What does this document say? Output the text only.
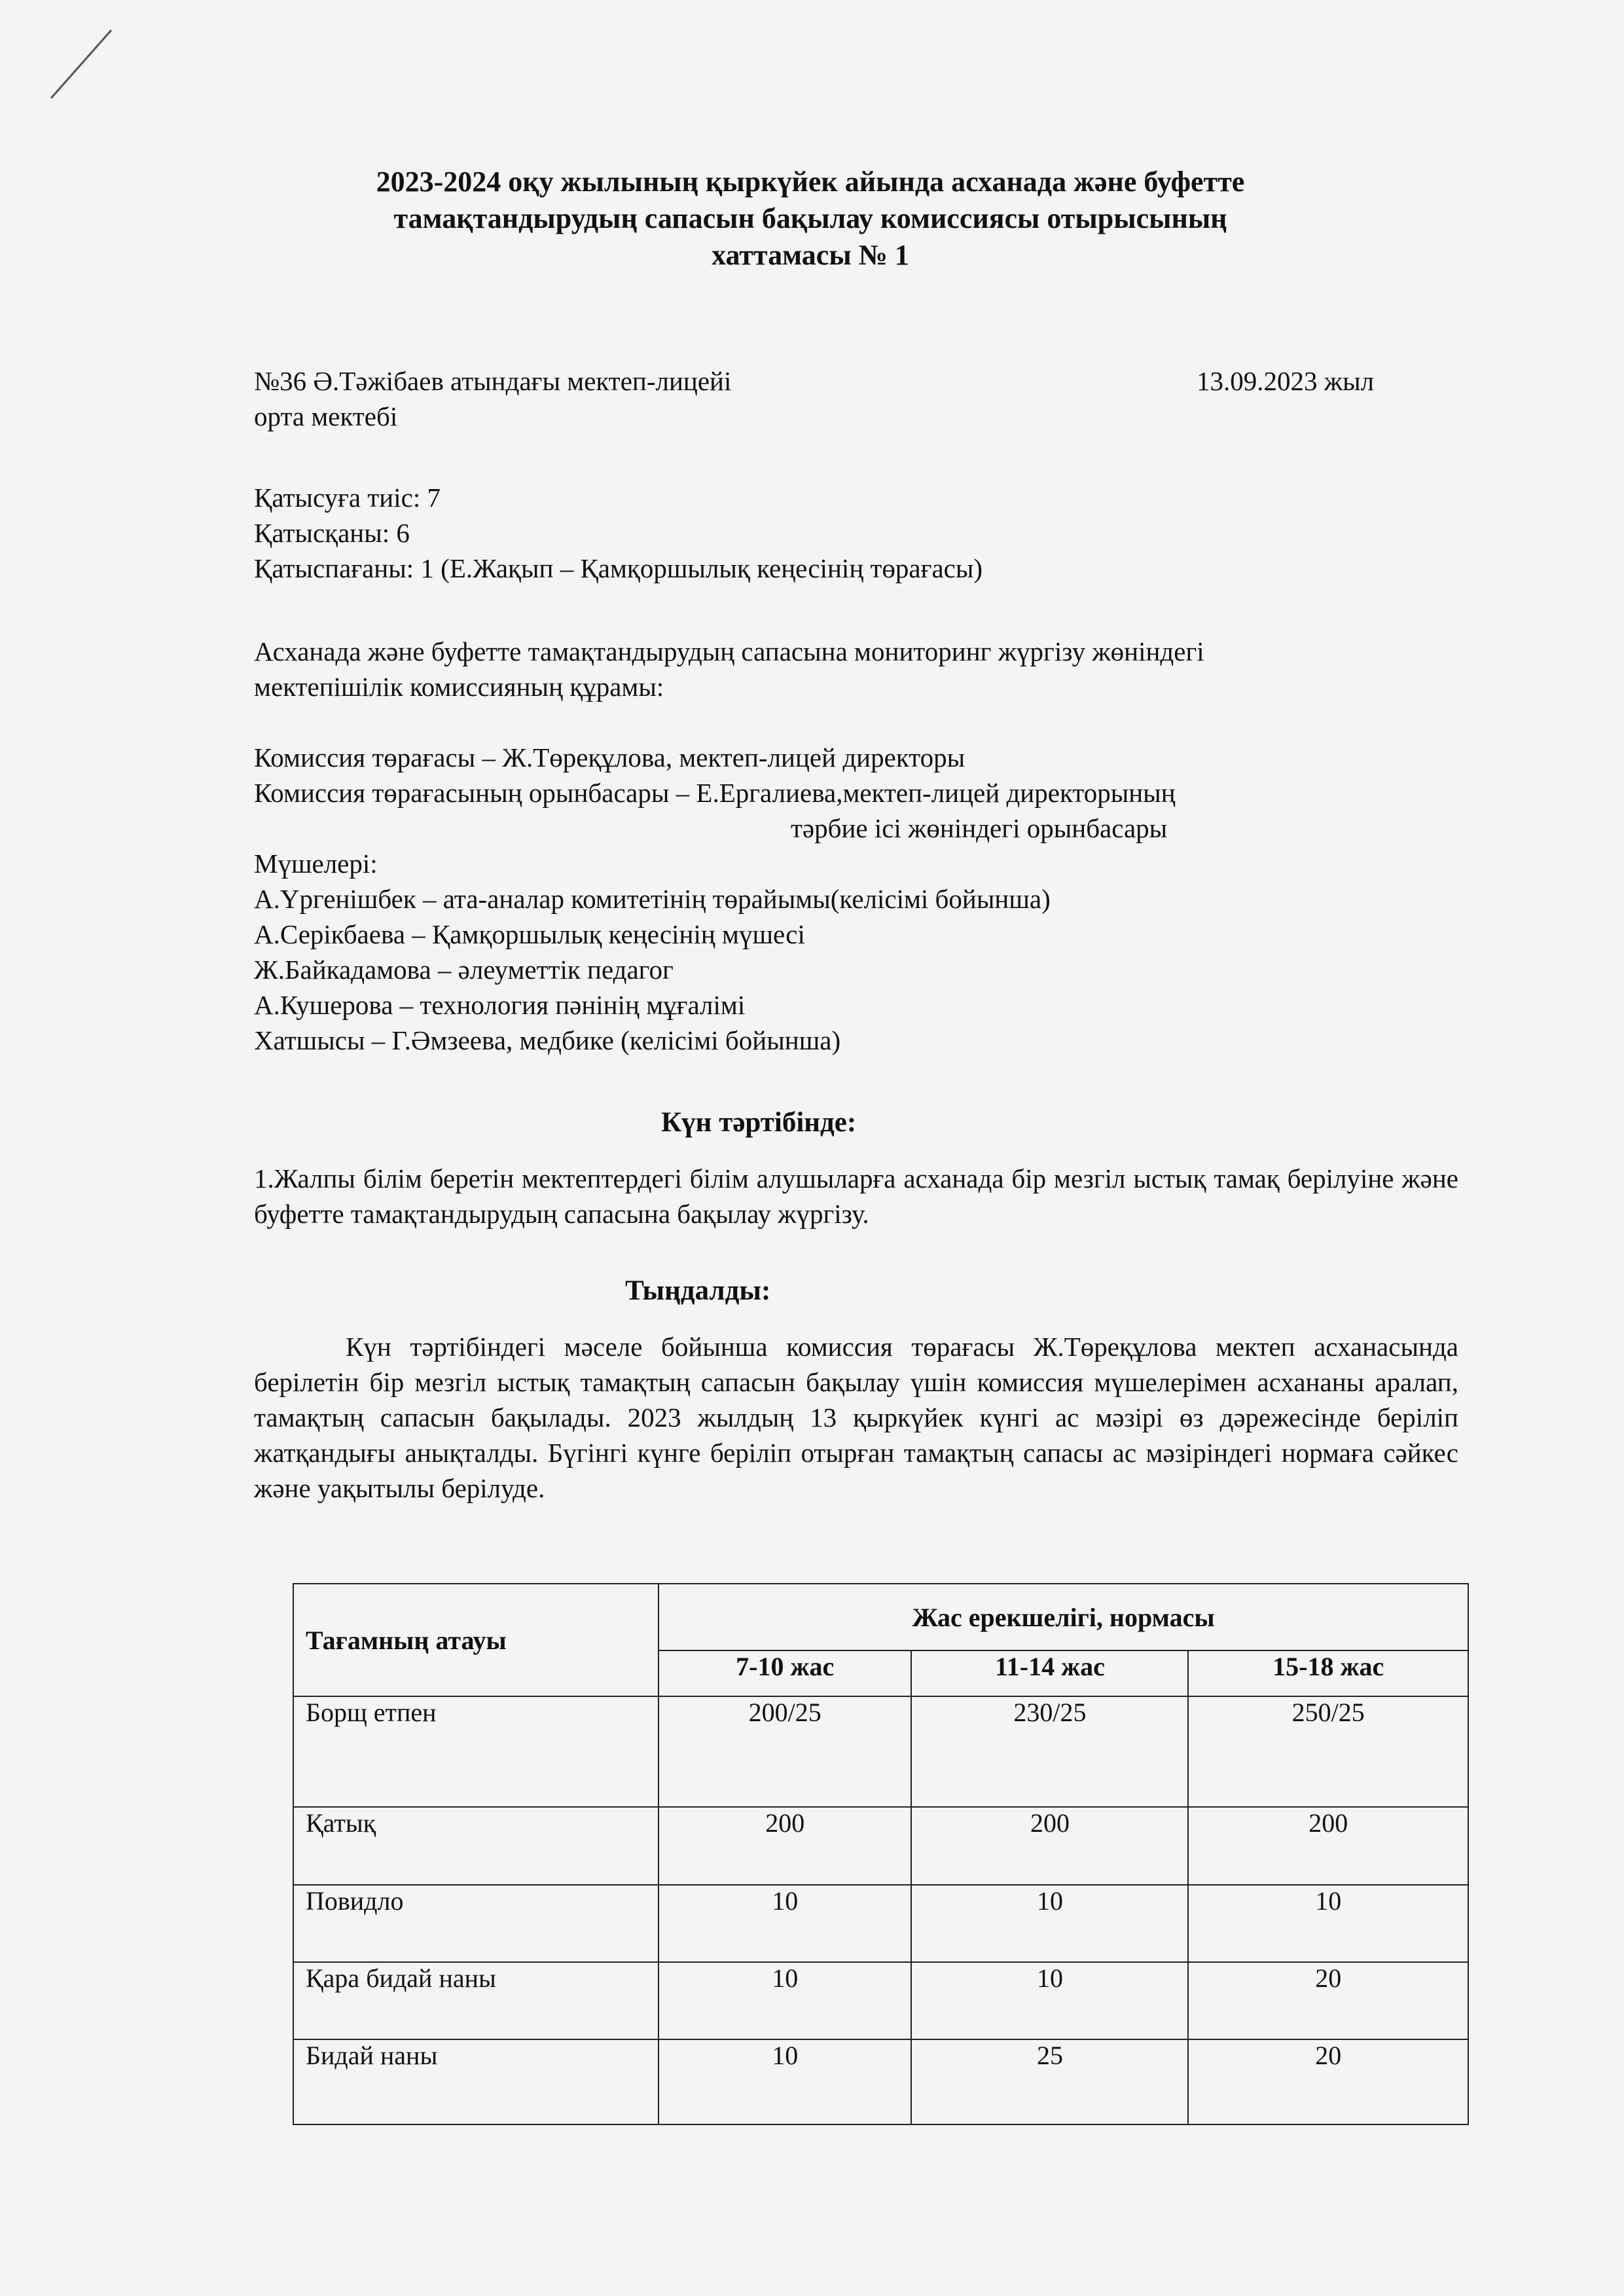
2023-2024 оқу жылының қыркүйек айында асханада және буфетте
тамақтандырудың сапасын бақылау комиссиясы отырысының
хаттамасы № 1
№36 Ә.Тәжібаев атындағы мектеп-лицейі
орта мектебі
13.09.2023 жыл
Қатысуға тиіс: 7
Қатысқаны: 6
Қатыспағаны: 1 (Е.Жақып – Қамқоршылық кеңесінің төрағасы)
Асханада және буфетте тамақтандырудың сапасына мониторинг жүргізу жөніндегі
мектепішілік комиссияның құрамы:
Комиссия төрағасы – Ж.Төреқұлова, мектеп-лицей директоры
Комиссия төрағасының орынбасары – Е.Ергалиева,мектеп-лицей директорының
тәрбие ісі жөніндегі орынбасары
Мүшелері:
А.Үргенішбек – ата-аналар комитетінің төрайымы(келісімі бойынша)
А.Серікбаева – Қамқоршылық кеңесінің мүшесі
Ж.Байкадамова – әлеуметтік педагог
А.Кушерова – технология пәнінің мұғалімі
Хатшысы – Г.Әмзеева, медбике (келісімі бойынша)
Күн тәртібінде:
1.Жалпы білім беретін мектептердегі білім алушыларға асханада бір мезгіл ыстық тамақ берілуіне және буфетте тамақтандырудың сапасына бақылау жүргізу.
Тыңдалды:
Күн тәртібіндегі мәселе бойынша комиссия төрағасы Ж.Төреқұлова мектеп асханасында берілетін бір мезгіл ыстық тамақтың сапасын бақылау үшін комиссия мүшелерімен асхананы аралап, тамақтың сапасын бақылады. 2023 жылдың 13 қыркүйек күнгі ас мәзірі өз дәрежесінде беріліп жатқандығы анықталды. Бүгінгі күнге беріліп отырған тамақтың сапасы ас мәзіріндегі нормаға сәйкес және уақытылы берілуде.
Тағамның атауы	Жас ерекшелігі, нормасы		
	7-10 жас	11-14 жас	15-18 жас
Борщ етпен	200/25	230/25	250/25
Қатық	200	200	200
Повидло	10	10	10
Қара бидай наны	10	10	20
Бидай наны	10	25	20
